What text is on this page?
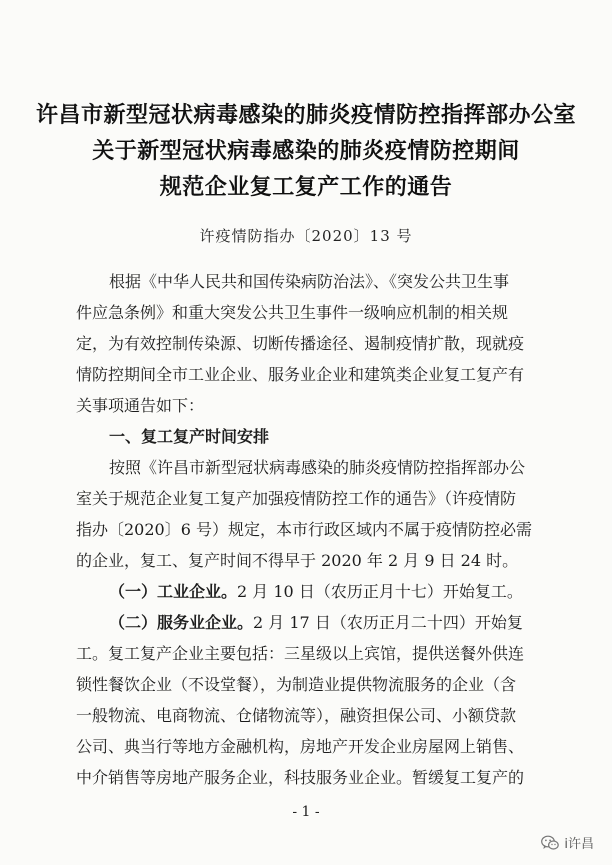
许昌市新型冠状病毒感染的肺炎疫情防控指挥部办公室
关于新型冠状病毒感染的肺炎疫情防控期间
规范企业复工复产工作的通告
许疫情防指办〔2020〕13 号
根据《中华人民共和国传染病防治法》、《突发公共卫生事
件应急条例》和重大突发公共卫生事件一级响应机制的相关规
定，为有效控制传染源、切断传播途径、遏制疫情扩散，现就疫
情防控期间全市工业企业、服务业企业和建筑类企业复工复产有
关事项通告如下：
一、复工复产时间安排
按照《许昌市新型冠状病毒感染的肺炎疫情防控指挥部办公
室关于规范企业复工复产加强疫情防控工作的通告》（许疫情防
指办〔2020〕6 号）规定，本市行政区域内不属于疫情防控必需
的企业，复工、复产时间不得早于 2020 年 2 月 9 日 24 时。
（一）工业企业。2 月 10 日（农历正月十七）开始复工。
（二）服务业企业。2 月 17 日（农历正月二十四）开始复
工。复工复产企业主要包括：三星级以上宾馆，提供送餐外供连
锁性餐饮企业（不设堂餐），为制造业提供物流服务的企业（含
一般物流、电商物流、仓储物流等），融资担保公司、小额贷款
公司、典当行等地方金融机构，房地产开发企业房屋网上销售、
中介销售等房地产服务企业，科技服务业企业。暂缓复工复产的
- 1 -
i许昌
